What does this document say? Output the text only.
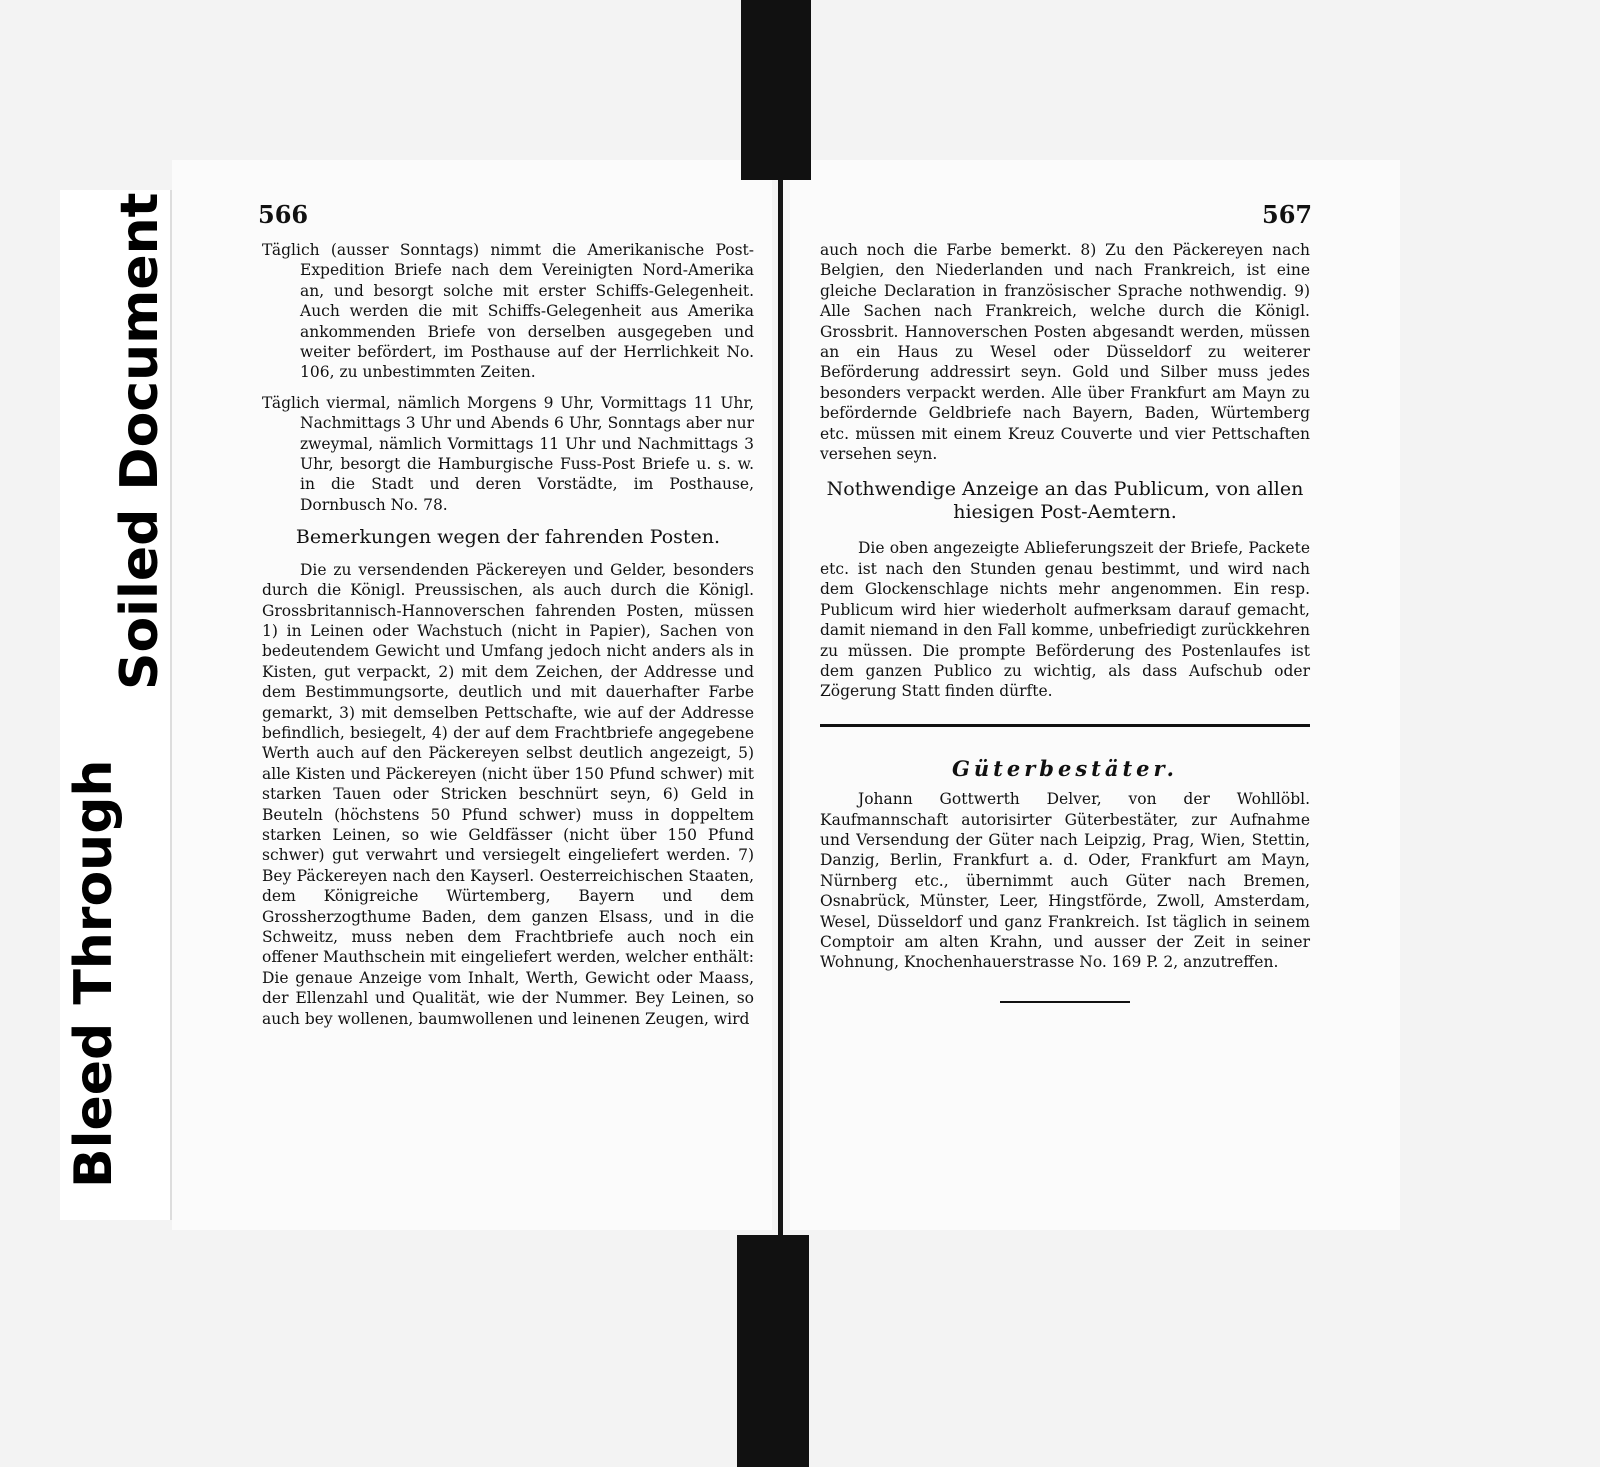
Soiled Document
Bleed Through
566	567

Täglich (ausser Sonntags) nimmt die Amerikanische Post-Expedition Briefe nach dem Vereinigten Nord-Amerika an, und besorgt solche mit erster Schiffs-Gelegenheit. Auch werden die mit Schiffs-Gelegenheit aus Amerika ankommenden Briefe von derselben ausgegeben und weiter befördert, im Posthause auf der Herrlichkeit No. 106, zu unbestimmten Zeiten.

Täglich viermal, nämlich Morgens 9 Uhr, Vormittags 11 Uhr, Nachmittags 3 Uhr und Abends 6 Uhr, Sonntags aber nur zweymal, nämlich Vormittags 11 Uhr und Nachmittags 3 Uhr, besorgt die Hamburgische Fuss-Post Briefe u. s. w. in die Stadt und deren Vorstädte, im Posthause, Dornbusch No. 78.

Bemerkungen wegen der fahrenden Posten.

Die zu versendenden Päckereyen und Gelder, besonders durch die Königl. Preussischen, als auch durch die Königl. Grossbritannisch-Hannoverschen fahrenden Posten, müssen 1) in Leinen oder Wachstuch (nicht in Papier), Sachen von bedeutendem Gewicht und Umfang jedoch nicht anders als in Kisten, gut verpackt, 2) mit dem Zeichen, der Addresse und dem Bestimmungsorte, deutlich und mit dauerhafter Farbe gemarkt, 3) mit demselben Pettschafte, wie auf der Addresse befindlich, besiegelt, 4) der auf dem Frachtbriefe angegebene Werth auch auf den Päckereyen selbst deutlich angezeigt, 5) alle Kisten und Päckereyen (nicht über 150 Pfund schwer) mit starken Tauen oder Stricken beschnürt seyn, 6) Geld in Beuteln (höchstens 50 Pfund schwer) muss in doppeltem starken Leinen, so wie Geldfässer (nicht über 150 Pfund schwer) gut verwahrt und versiegelt eingeliefert werden. 7) Bey Päckereyen nach den Kayserl. Oesterreichischen Staaten, dem Königreiche Würtemberg, Bayern und dem Grossherzogthume Baden, dem ganzen Elsass, und in die Schweitz, muss neben dem Frachtbriefe auch noch ein offener Mauthschein mit eingeliefert werden, welcher enthält: Die genaue Anzeige vom Inhalt, Werth, Gewicht oder Maass, der Ellenzahl und Qualität, wie der Nummer. Bey Leinen, so auch bey wollenen, baumwollenen und leinenen Zeugen, wird

auch noch die Farbe bemerkt. 8) Zu den Päckereyen nach Belgien, den Niederlanden und nach Frankreich, ist eine gleiche Declaration in französischer Sprache nothwendig. 9) Alle Sachen nach Frankreich, welche durch die Königl. Grossbrit. Hannoverschen Posten abgesandt werden, müssen an ein Haus zu Wesel oder Düsseldorf zu weiterer Beförderung addressirt seyn. Gold und Silber muss jedes besonders verpackt werden. Alle über Frankfurt am Mayn zu befördernde Geldbriefe nach Bayern, Baden, Würtemberg etc. müssen mit einem Kreuz Couverte und vier Pettschaften versehen seyn.

Nothwendige Anzeige an das Publicum, von allen hiesigen Post-Aemtern.

Die oben angezeigte Ablieferungszeit der Briefe, Packete etc. ist nach den Stunden genau bestimmt, und wird nach dem Glockenschlage nichts mehr angenommen. Ein resp. Publicum wird hier wiederholt aufmerksam darauf gemacht, damit niemand in den Fall komme, unbefriedigt zurückkehren zu müssen. Die prompte Beförderung des Postenlaufes ist dem ganzen Publico zu wichtig, als dass Aufschub oder Zögerung Statt finden dürfte.

Güterbestäter.

Johann Gottwerth Delver, von der Wohllöbl. Kaufmannschaft autorisirter Güterbestäter, zur Aufnahme und Versendung der Güter nach Leipzig, Prag, Wien, Stettin, Danzig, Berlin, Frankfurt a. d. Oder, Frankfurt am Mayn, Nürnberg etc., übernimmt auch Güter nach Bremen, Osnabrück, Münster, Leer, Hingstförde, Zwoll, Amsterdam, Wesel, Düsseldorf und ganz Frankreich. Ist täglich in seinem Comptoir am alten Krahn, und ausser der Zeit in seiner Wohnung, Knochenhauerstrasse No. 169 P. 2, anzutreffen.
